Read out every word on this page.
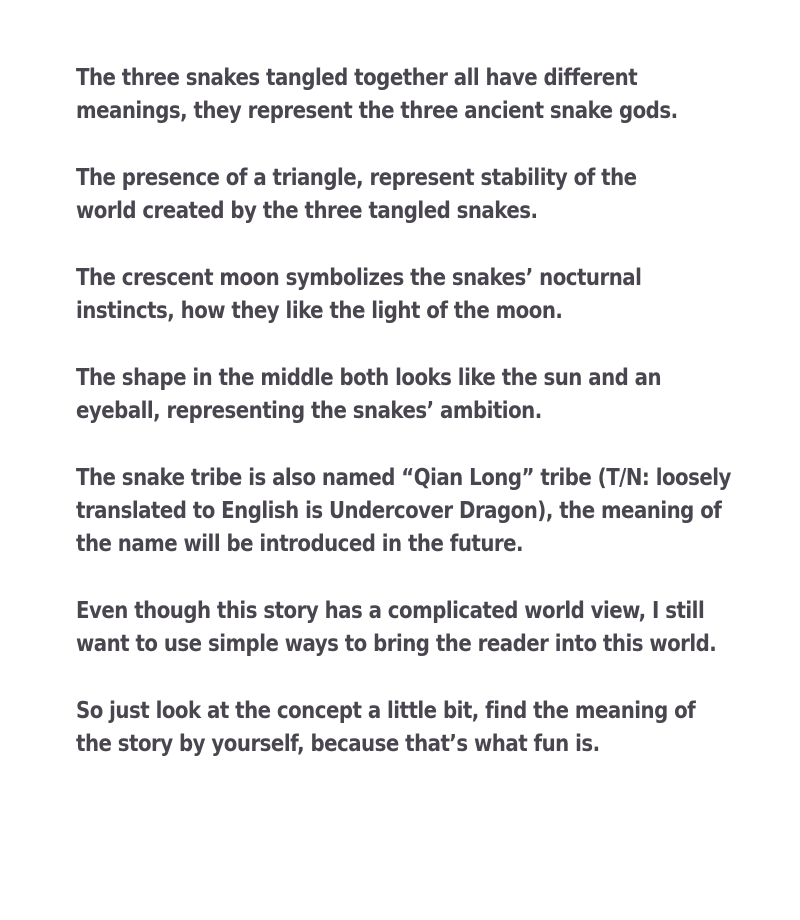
The three snakes tangled together all have different
meanings, they represent the three ancient snake gods.

The presence of a triangle, represent stability of the
world created by the three tangled snakes.

The crescent moon symbolizes the snakes’ nocturnal
instincts, how they like the light of the moon.

The shape in the middle both looks like the sun and an
eyeball, representing the snakes’ ambition.

The snake tribe is also named “Qian Long” tribe (T/N: loosely
translated to English is Undercover Dragon), the meaning of
the name will be introduced in the future.

Even though this story has a complicated world view, I still
want to use simple ways to bring the reader into this world.

So just look at the concept a little bit, find the meaning of
the story by yourself, because that’s what fun is.
